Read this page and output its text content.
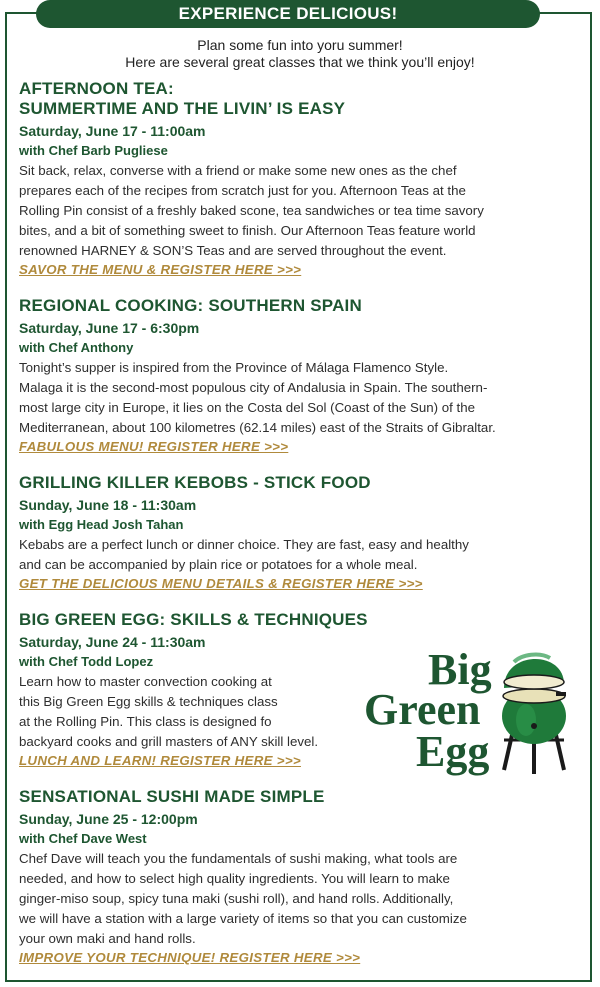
EXPERIENCE DELICIOUS!
Plan some fun into yoru summer!
Here are several great classes that we think you’ll enjoy!
AFTERNOON TEA:
SUMMERTIME AND THE LIVIN’ IS EASY
Saturday, June 17 - 11:00am
with Chef Barb Pugliese
Sit back, relax, converse with a friend or make some new ones as the chef
prepares each of the recipes from scratch just for you. Afternoon Teas at the
Rolling Pin consist of a freshly baked scone, tea sandwiches or tea time savory
bites, and a bit of something sweet to finish. Our Afternoon Teas feature world
renowned HARNEY & SON’S Teas and are served throughout the event.
SAVOR THE MENU & REGISTER HERE >>>
REGIONAL COOKING: SOUTHERN SPAIN
Saturday, June 17 - 6:30pm
with Chef Anthony
Tonight’s supper is inspired from the Province of Málaga Flamenco Style.
Malaga it is the second-most populous city of Andalusia in Spain. The southern-
most large city in Europe, it lies on the Costa del Sol (Coast of the Sun) of the
Mediterranean, about 100 kilometres (62.14 miles) east of the Straits of Gibraltar.
FABULOUS MENU! REGISTER HERE >>>
GRILLING KILLER KEBOBS - STICK FOOD
Sunday, June 18 - 11:30am
with Egg Head Josh Tahan
Kebabs are a perfect lunch or dinner choice. They are fast, easy and healthy
and can be accompanied by plain rice or potatoes for a whole meal.
GET THE DELICIOUS MENU DETAILS & REGISTER HERE >>>
BIG GREEN EGG: SKILLS & TECHNIQUES
Saturday, June 24 - 11:30am
with Chef Todd Lopez
Learn how to master convection cooking at
this Big Green Egg skills & techniques class
at the Rolling Pin. This class is designed fo
backyard cooks and grill masters of ANY skill level.
LUNCH AND LEARN! REGISTER HERE >>>
SENSATIONAL SUSHI MADE SIMPLE
Sunday, June 25 - 12:00pm
with Chef Dave West
Chef Dave will teach you the fundamentals of sushi making, what tools are
needed, and how to select high quality ingredients. You will learn to make
ginger-miso soup, spicy tuna maki (sushi roll), and hand rolls. Additionally,
we will have a station with a large variety of items so that you can customize
your own maki and hand rolls.
IMPROVE YOUR TECHNIQUE! REGISTER HERE >>>
Big
Green
Egg
